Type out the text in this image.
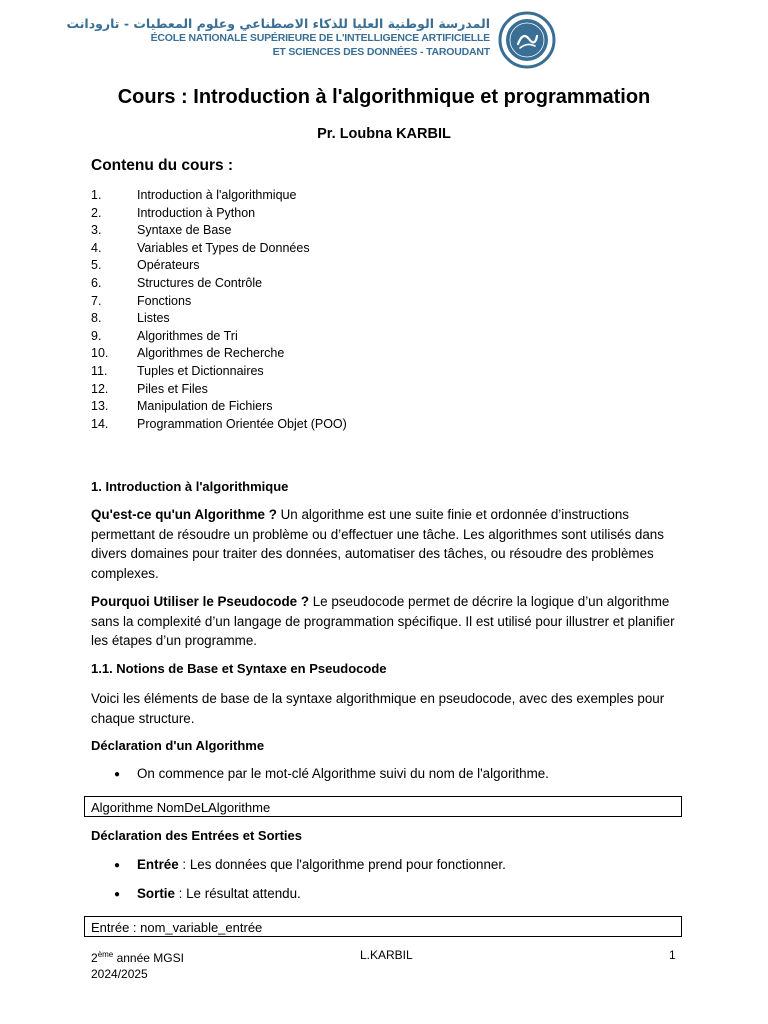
المدرسة الوطنية العليا للذكاء الاصطناعي وعلوم المعطيات - تارودانت
ÉCOLE NATIONALE SUPÉRIEURE DE L'INTELLIGENCE ARTIFICIELLE
ET SCIENCES DES DONNÉES - TAROUDANT
Cours : Introduction à l'algorithmique et programmation
Pr. Loubna KARBIL
Contenu du cours :
1.	Introduction à l'algorithmique
2.	Introduction à Python
3.	Syntaxe de Base
4.	Variables et Types de Données
5.	Opérateurs
6.	Structures de Contrôle
7.	Fonctions
8.	Listes
9.	Algorithmes de Tri
10.	Algorithmes de Recherche
11.	Tuples et Dictionnaires
12.	Piles et Files
13.	Manipulation de Fichiers
14.	Programmation Orientée Objet (POO)
1. Introduction à l'algorithmique
Qu'est-ce qu'un Algorithme ? Un algorithme est une suite finie et ordonnée d’instructions permettant de résoudre un problème ou d’effectuer une tâche. Les algorithmes sont utilisés dans divers domaines pour traiter des données, automatiser des tâches, ou résoudre des problèmes complexes.
Pourquoi Utiliser le Pseudocode ? Le pseudocode permet de décrire la logique d’un algorithme sans la complexité d’un langage de programmation spécifique. Il est utilisé pour illustrer et planifier les étapes d’un programme.
1.1. Notions de Base et Syntaxe en Pseudocode
Voici les éléments de base de la syntaxe algorithmique en pseudocode, avec des exemples pour chaque structure.
Déclaration d'un Algorithme
●	On commence par le mot-clé Algorithme suivi du nom de l'algorithme.
Algorithme NomDeLAlgorithme
Déclaration des Entrées et Sorties
●	Entrée : Les données que l'algorithme prend pour fonctionner.
●	Sortie : Le résultat attendu.
Entrée : nom_variable_entrée
2ème année MGSI
2024/2025
L.KARBIL	1
